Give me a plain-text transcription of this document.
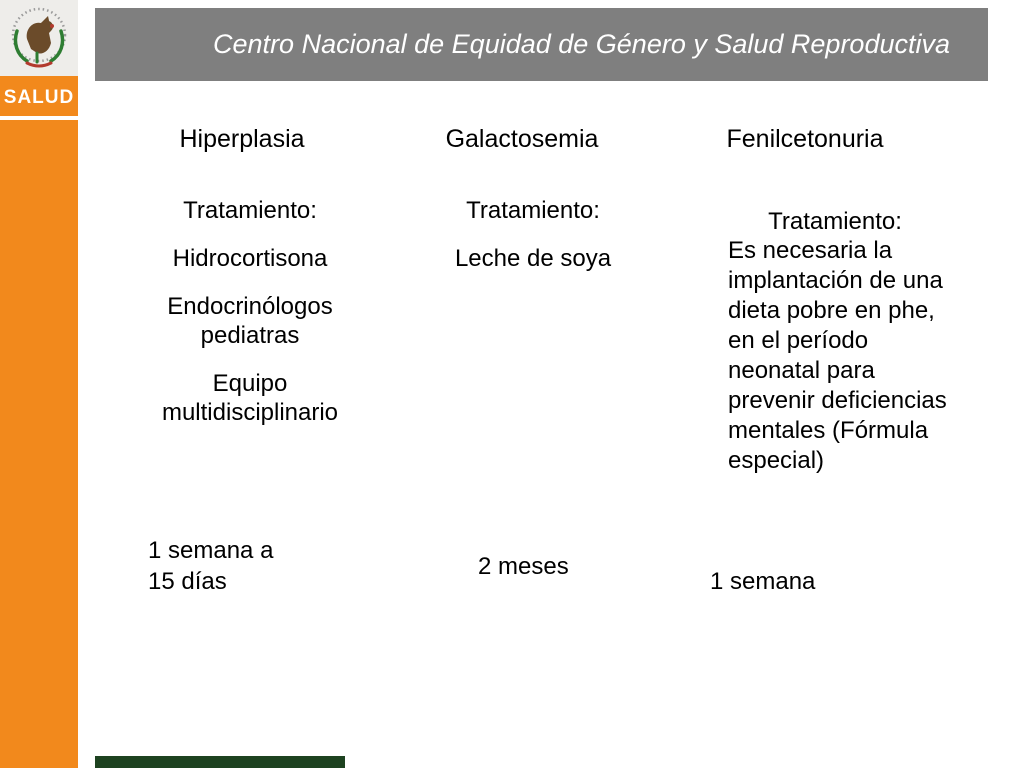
SALUD
Centro Nacional de Equidad de Género y Salud Reproductiva
Hiperplasia	Galactosemia	Fenilcetonuria

Tratamiento:

Hidrocortisona

Endocrinólogos pediatras

Equipo multidisciplinario

Tratamiento:

Leche de soya

Tratamiento:
Es necesaria la implantación de una dieta pobre en phe, en el período neonatal para prevenir deficiencias mentales (Fórmula especial)
1 semana a 15 días
2 meses
1 semana
